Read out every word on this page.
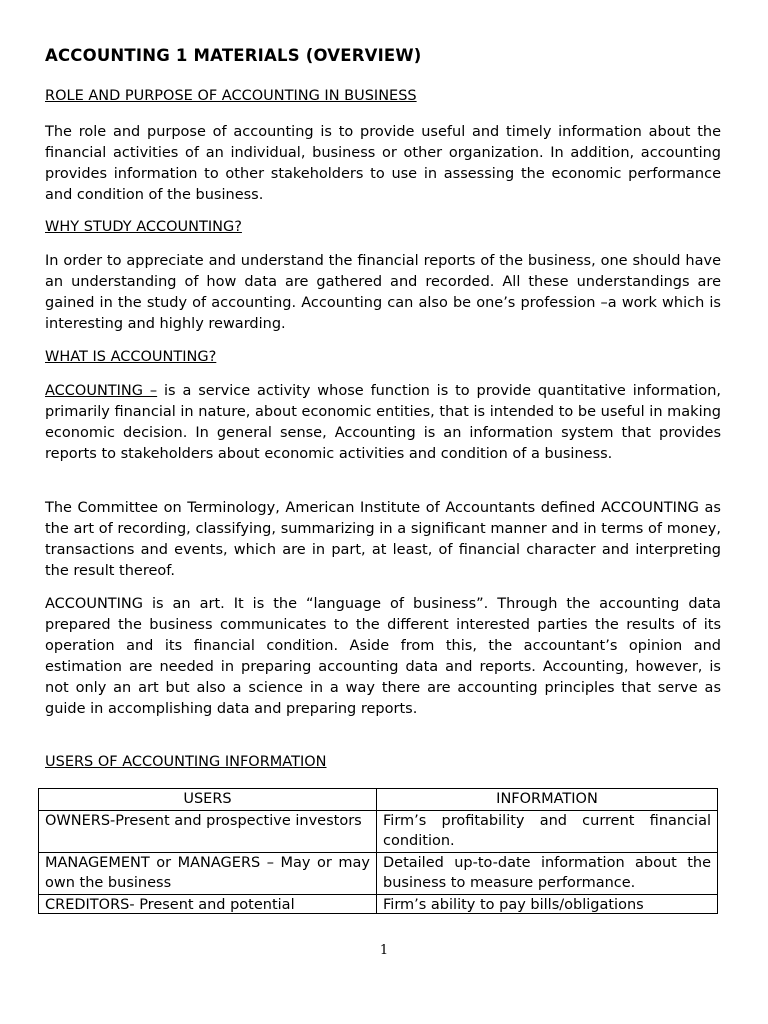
ACCOUNTING 1 MATERIALS (OVERVIEW)
ROLE AND PURPOSE OF ACCOUNTING IN BUSINESS

The role and purpose of accounting is to provide useful and timely information about the financial activities of an individual, business or other organization. In addition, accounting provides information to other stakeholders to use in assessing the economic performance and condition of the business.

WHY STUDY ACCOUNTING?

In order to appreciate and understand the financial reports of the business, one should have an understanding of how data are gathered and recorded. All these understandings are gained in the study of accounting. Accounting can also be one’s profession –a work which is interesting and highly rewarding.

WHAT IS ACCOUNTING?

ACCOUNTING – is a service activity whose function is to provide quantitative information, primarily financial in nature, about economic entities, that is intended to be useful in making economic decision. In general sense, Accounting is an information system that provides reports to stakeholders about economic activities and condition of a business.

The Committee on Terminology, American Institute of Accountants defined ACCOUNTING as the art of recording, classifying, summarizing in a significant manner and in terms of money, transactions and events, which are in part, at least, of financial character and interpreting the result thereof.

ACCOUNTING is an art. It is the “language of business”. Through the accounting data prepared the business communicates to the different interested parties the results of its operation and its financial condition. Aside from this, the accountant’s opinion and estimation are needed in preparing accounting data and reports. Accounting, however, is not only an art but also a science in a way there are accounting principles that serve as guide in accomplishing data and preparing reports.

USERS OF ACCOUNTING INFORMATION
USERS	INFORMATION
OWNERS-Present and prospective investors	Firm’s profitability and current financial condition.
MANAGEMENT or MANAGERS – May or may own the business	Detailed up-to-date information about the business to measure performance.

CREDITORS- Present and potential	Firm’s ability to pay bills/obligations
1
